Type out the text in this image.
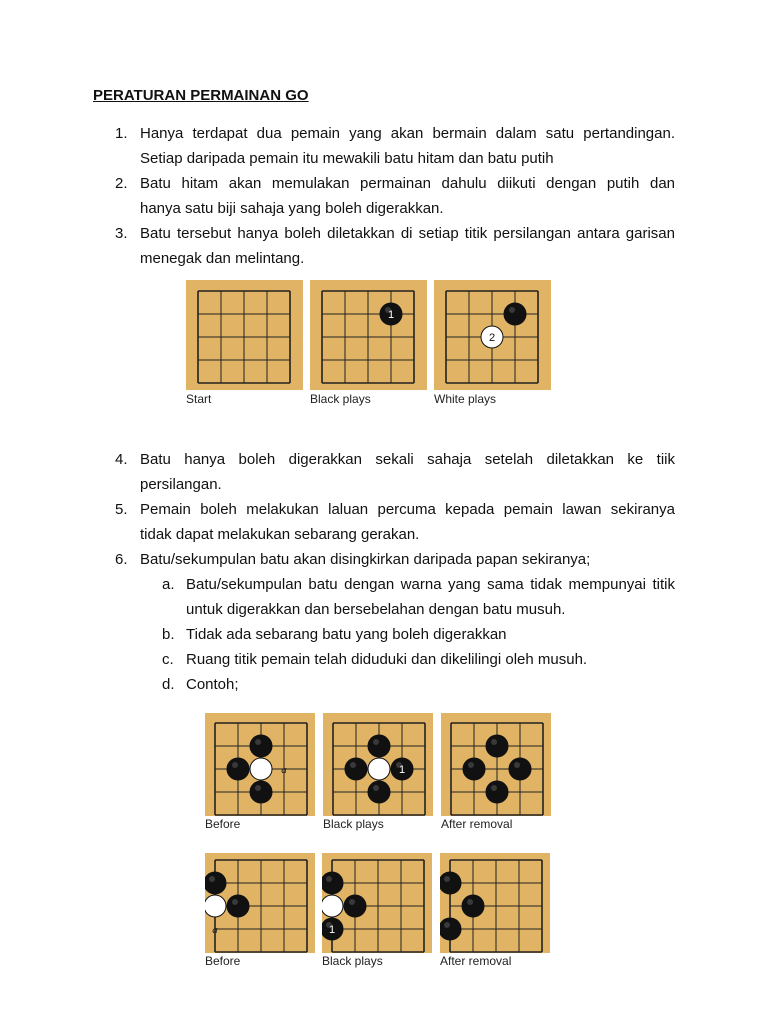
PERATURAN PERMAINAN GO
1. Hanya terdapat dua pemain yang akan bermain dalam satu pertandingan.
Setiap daripada pemain itu mewakili batu hitam dan batu putih
2. Batu hitam akan memulakan permainan dahulu diikuti dengan putih dan
hanya satu biji sahaja yang boleh digerakkan.
3. Batu tersebut hanya boleh diletakkan di setiap titik persilangan antara garisan
menegak dan melintang.
1
2
Start	Black plays	White plays
4. Batu hanya boleh digerakkan sekali sahaja setelah diletakkan ke tiik
persilangan.
5. Pemain boleh melakukan laluan percuma kepada pemain lawan sekiranya
tidak dapat melakukan sebarang gerakan.
6. Batu/sekumpulan batu akan disingkirkan daripada papan sekiranya;
a. Batu/sekumpulan batu dengan warna yang sama tidak mempunyai titik
untuk digerakkan dan bersebelahan dengan batu musuh.
b. Tidak ada sebarang batu yang boleh digerakkan
c. Ruang titik pemain telah diduduki dan dikelilingi oleh musuh.
d. Contoh;
a	1
Before	Black plays	After removal
a	1
Before	Black plays	After removal
